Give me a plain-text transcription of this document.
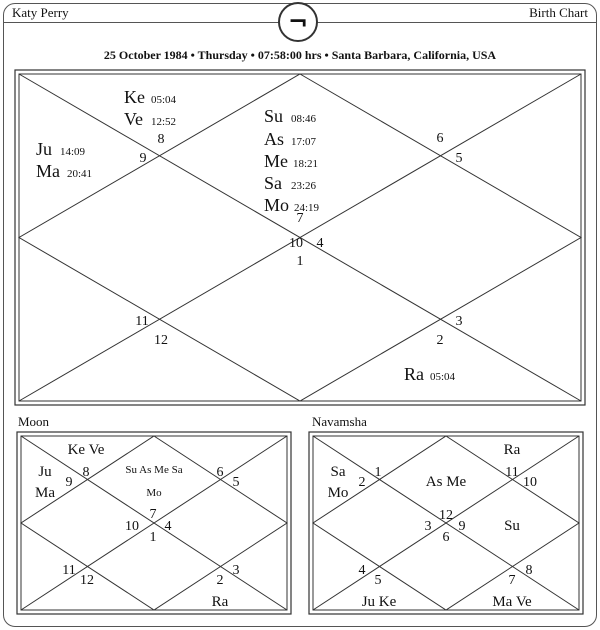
Katy Perry	Birth Chart
¬
25 October 1984 • Thursday • 07:58:00 hrs • Santa Barbara, California, USA
Moon	Navamsha
10 4
7
1
8
9
6
5
11
12
3
2
Ke 05:04
Ve 12:52	Su 08:46
As 17:07
Me 18:21
Sa 23:26
Mo 24:19
Ju 14:09
Ma 20:41
Ra 05:04
10 4
7
1
8
9
6
5
11
12
3
2
Ke Ve
Ju
Ma
Ra
Su As Me Sa
Mo
12
3 9
6
1
2
11
10
4
5
8
7
Sa
Mo
As Me
Ra
Su
Ju Ke	Ma Ve
